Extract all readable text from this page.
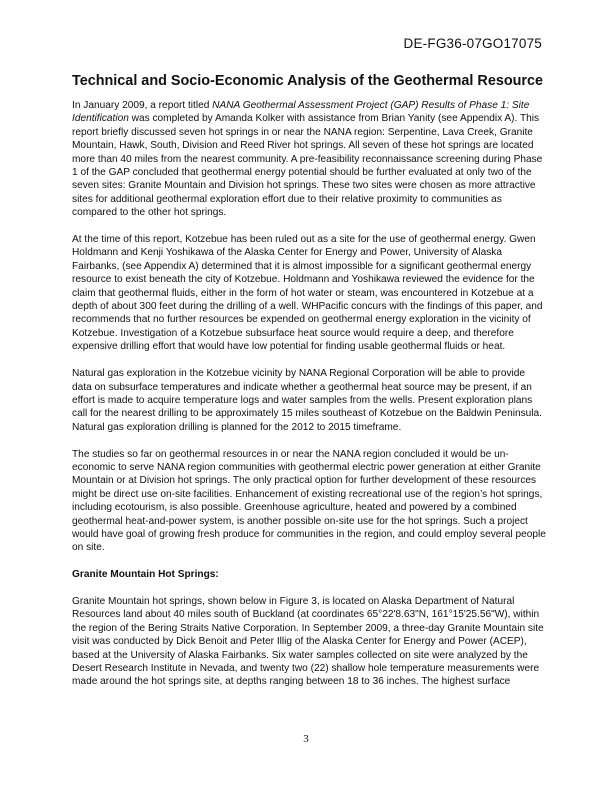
DE-FG36-07GO17075
Technical and Socio-Economic Analysis of the Geothermal Resource

In January 2009, a report titled NANA Geothermal Assessment Project (GAP) Results of Phase 1: Site Identification was completed by Amanda Kolker with assistance from Brian Yanity (see Appendix A). This report briefly discussed seven hot springs in or near the NANA region: Serpentine, Lava Creek, Granite Mountain, Hawk, South, Division and Reed River hot springs. All seven of these hot springs are located more than 40 miles from the nearest community. A pre-feasibility reconnaissance screening during Phase 1 of the GAP concluded that geothermal energy potential should be further evaluated at only two of the seven sites: Granite Mountain and Division hot springs. These two sites were chosen as more attractive sites for additional geothermal exploration effort due to their relative proximity to communities as compared to the other hot springs.

At the time of this report, Kotzebue has been ruled out as a site for the use of geothermal energy. Gwen Holdmann and Kenji Yoshikawa of the Alaska Center for Energy and Power, University of Alaska Fairbanks, (see Appendix A) determined that it is almost impossible for a significant geothermal energy resource to exist beneath the city of Kotzebue. Holdmann and Yoshikawa reviewed the evidence for the claim that geothermal fluids, either in the form of hot water or steam, was encountered in Kotzebue at a depth of about 300 feet during the drilling of a well. WHPacific concurs with the findings of this paper, and recommends that no further resources be expended on geothermal energy exploration in the vicinity of Kotzebue. Investigation of a Kotzebue subsurface heat source would require a deep, and therefore expensive drilling effort that would have low potential for finding usable geothermal fluids or heat.

Natural gas exploration in the Kotzebue vicinity by NANA Regional Corporation will be able to provide data on subsurface temperatures and indicate whether a geothermal heat source may be present, if an effort is made to acquire temperature logs and water samples from the wells. Present exploration plans call for the nearest drilling to be approximately 15 miles southeast of Kotzebue on the Baldwin Peninsula. Natural gas exploration drilling is planned for the 2012 to 2015 timeframe.

The studies so far on geothermal resources in or near the NANA region concluded it would be un-economic to serve NANA region communities with geothermal electric power generation at either Granite Mountain or at Division hot springs. The only practical option for further development of these resources might be direct use on-site facilities. Enhancement of existing recreational use of the region’s hot springs, including ecotourism, is also possible. Greenhouse agriculture, heated and powered by a combined geothermal heat-and-power system, is another possible on-site use for the hot springs. Such a project would have goal of growing fresh produce for communities in the region, and could employ several people on site.

Granite Mountain Hot Springs:

Granite Mountain hot springs, shown below in Figure 3, is located on Alaska Department of Natural Resources land about 40 miles south of Buckland (at coordinates 65°22'8.63"N, 161°15'25.56"W), within the region of the Bering Straits Native Corporation. In September 2009, a three-day Granite Mountain site visit was conducted by Dick Benoit and Peter Illig of the Alaska Center for Energy and Power (ACEP), based at the University of Alaska Fairbanks. Six water samples collected on site were analyzed by the Desert Research Institute in Nevada, and twenty two (22) shallow hole temperature measurements were made around the hot springs site, at depths ranging between 18 to 36 inches. The highest surface

3
